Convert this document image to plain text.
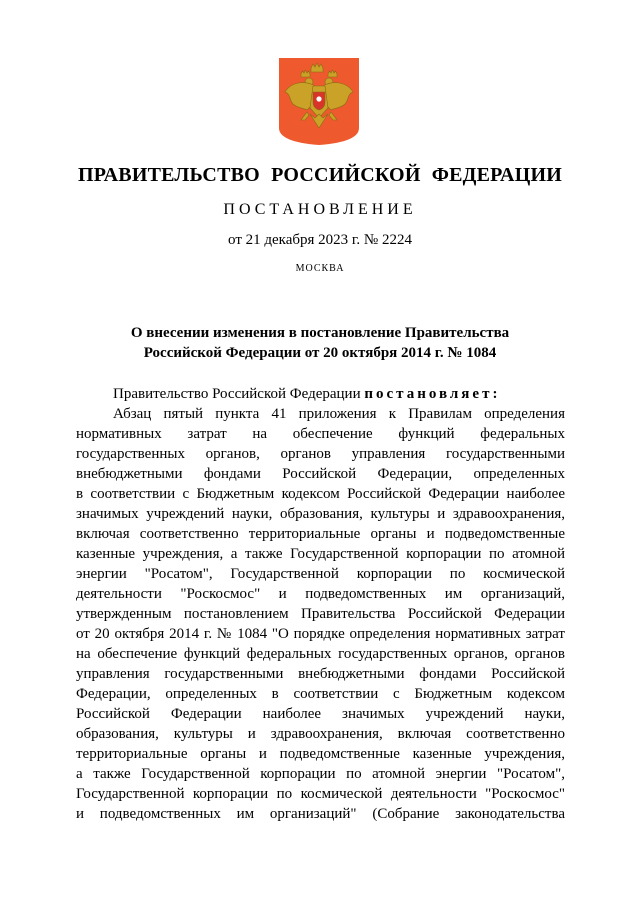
ПРАВИТЕЛЬСТВО РОССИЙСКОЙ ФЕДЕРАЦИИ
ПОСТАНОВЛЕНИЕ
от 21 декабря 2023 г. № 2224
МОСКВА
О внесении изменения в постановление Правительства
Российской Федерации от 20 октября 2014 г. № 1084
Правительство Российской Федерации постановляет:
Абзац пятый пункта 41 приложения к Правилам определения
нормативных затрат на обеспечение функций федеральных
государственных органов, органов управления государственными
внебюджетными фондами Российской Федерации, определенных
в соответствии с Бюджетным кодексом Российской Федерации наиболее
значимых учреждений науки, образования, культуры и здравоохранения,
включая соответственно территориальные органы и подведомственные
казенные учреждения, а также Государственной корпорации по атомной
энергии "Росатом", Государственной корпорации по космической
деятельности "Роскосмос" и подведомственных им организаций,
утвержденным постановлением Правительства Российской Федерации
от 20 октября 2014 г. № 1084 "О порядке определения нормативных затрат
на обеспечение функций федеральных государственных органов, органов
управления государственными внебюджетными фондами Российской
Федерации, определенных в соответствии с Бюджетным кодексом
Российской Федерации наиболее значимых учреждений науки,
образования, культуры и здравоохранения, включая соответственно
территориальные органы и подведомственные казенные учреждения,
а также Государственной корпорации по атомной энергии "Росатом",
Государственной корпорации по космической деятельности "Роскосмос"
и подведомственных им организаций" (Собрание законодательства
